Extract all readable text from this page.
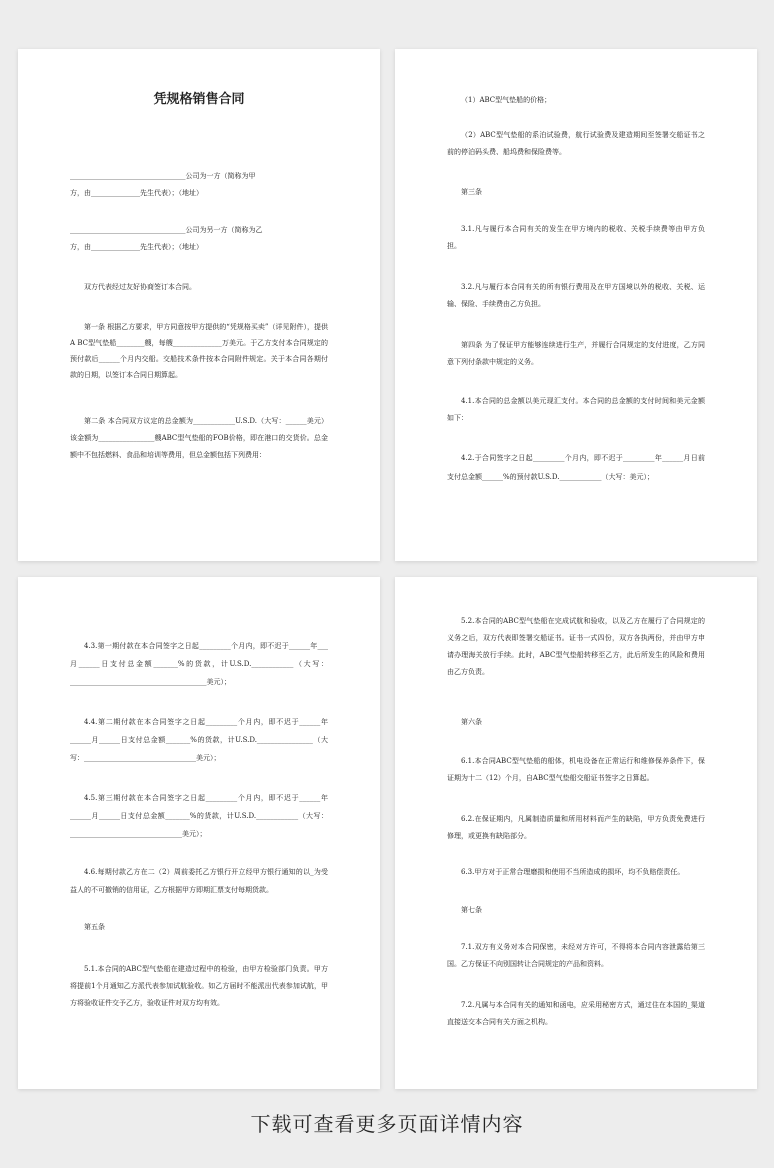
凭规格销售合同

_________________________________公司为一方（简称为甲

方，由______________先生代表）；（地址）

_________________________________公司为另一方（简称为乙

方，由______________先生代表）；（地址）

双方代表经过友好协商签订本合同。

第一条 根据乙方要求，甲方同意按甲方提供的“凭规格买卖”（详见附件），提供A BC型气垫船________艘，每艘______________万美元。于乙方支付本合同规定的预付款后______个月内交船。交船技术条件按本合同附件规定。关于本合同各期付款的日期，以签订本合同日期算起。

第二条 本合同双方议定的总金额为____________U.S.D.（大写：______美元）该金额为________________艘ABC型气垫船的FOB价格，即在港口的交货价。总金额中不包括燃料、食品和培训等费用，但总金额包括下列费用：

（1）ABC型气垫船的价格；

（2）ABC型气垫船的系泊试验费，航行试验费及建造期间至签署交船证书之前的停泊码头费、船坞费和保险费等。

第三条

3.1.凡与履行本合同有关的发生在甲方境内的税收、关税手续费等由甲方负担。

3.2.凡与履行本合同有关的所有银行费用及在甲方国境以外的税收、关税、运输、保险、手续费由乙方负担。

第四条 为了保证甲方能够连续进行生产，并履行合同规定的支付进度，乙方同意下列付条款中规定的义务。

4.1.本合同的总金额以美元现汇支付。本合同的总金额的支付时间和美元金额如下：

4.2.于合同签字之日起_________个月内，即不迟于_________年______月日前支付总金额______%的预付款U.S.D.____________（大写：美元）；

4.3.第一期付款在本合同签字之日起_________个月内，即不迟于______年___月______日支付总金额_______%的货款，计U.S.D.____________（大写：_______________________________________美元）；

4.4.第二期付款在本合同签字之日起_________个月内，即不迟于______年______月______日支付总金额_______%的货款，计U.S.D.________________（大写：________________________________美元）；

4.5.第三期付款在本合同签字之日起_________个月内，即不迟于______年______月______日支付总金额_______%的货款，计U.S.D.____________（大写：________________________________美元）；

4.6.每期付款乙方在二（2）周前委托乙方银行开立经甲方银行通知的以_为受益人的不可撤销的信用证，乙方根据甲方即期汇票支付每期货款。

第五条

5.1.本合同的ABC型气垫船在建造过程中的检验，由甲方检验部门负责。甲方将提前1个月通知乙方派代表参加试航验收。如乙方届时不能派出代表参加试航，甲方将验收证件交予乙方，验收证件对双方均有效。

5.2.本合同的ABC型气垫船在完成试航和验收，以及乙方在履行了合同规定的义务之后，双方代表即签署交船证书。证书一式四份，双方各执两份，并由甲方申请办理海关放行手续。此时，ABC型气垫船转移至乙方，此后所发生的风险和费用由乙方负责。

第六条

6.1.本合同ABC型气垫船的船体，机电设备在正常运行和维修保养条件下，保证期为十二（12）个月，自ABC型气垫船交船证书签字之日算起。

6.2.在保证期内，凡属制造质量和所用材料而产生的缺陷，甲方负责免费进行修理，或更换有缺陷部分。

6.3.甲方对于正常合理磨损和使用不当所造成的损坏，均不负赔偿责任。

第七条

7.1.双方有义务对本合同保密，未经对方许可，不得将本合同内容泄露给第三国。乙方保证不向别国转让合同规定的产品和资料。

7.2.凡属与本合同有关的通知和函电，应采用秘密方式，通过住在本国的_渠道直接送交本合同有关方面之机构。

下载可查看更多页面详情内容
